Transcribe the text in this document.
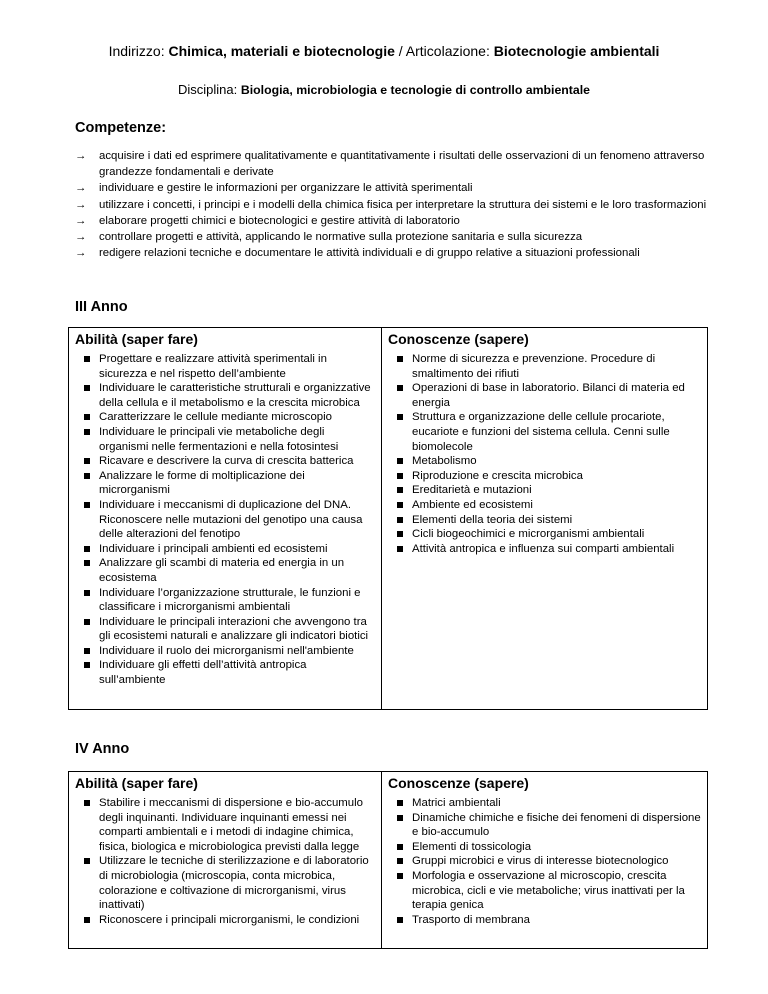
Indirizzo: Chimica, materiali e biotecnologie / Articolazione: Biotecnologie ambientali
Disciplina: Biologia, microbiologia e tecnologie di controllo ambientale
Competenze:
→ acquisire i dati ed esprimere qualitativamente e quantitativamente i risultati delle osservazioni di un fenomeno attraverso grandezze fondamentali e derivate
→ individuare e gestire le informazioni per organizzare le attività sperimentali
→ utilizzare i concetti, i principi e i modelli della chimica fisica per interpretare la struttura dei sistemi e le loro trasformazioni
→ elaborare progetti chimici e biotecnologici e gestire attività di laboratorio
→ controllare progetti e attività, applicando le normative sulla protezione sanitaria e sulla sicurezza
→ redigere relazioni tecniche e documentare le attività individuali e di gruppo relative a situazioni professionali
III Anno
Abilità (saper fare)
Progettare e realizzare attività sperimentali in sicurezza e nel rispetto dell’ambiente
Individuare le caratteristiche strutturali e organizzative della cellula e il metabolismo e la crescita microbica
Caratterizzare le cellule mediante microscopio
Individuare le principali vie metaboliche degli organismi nelle fermentazioni e nella fotosintesi
Ricavare e descrivere la curva di crescita batterica
Analizzare le forme di moltiplicazione dei microrganismi
Individuare i meccanismi di duplicazione del DNA. Riconoscere nelle mutazioni del genotipo una causa delle alterazioni del fenotipo
Individuare i principali ambienti ed ecosistemi
Analizzare gli scambi di materia ed energia in un ecosistema
Individuare l’organizzazione strutturale, le funzioni e classificare i microrganismi ambientali
Individuare le principali interazioni che avvengono tra gli ecosistemi naturali e analizzare gli indicatori biotici
Individuare il ruolo dei microrganismi nell'ambiente
Individuare gli effetti dell’attività antropica sull’ambiente

Conoscenze (sapere)
Norme di sicurezza e prevenzione. Procedure di smaltimento dei rifiuti
Operazioni di base in laboratorio. Bilanci di materia ed energia
Struttura e organizzazione delle cellule procariote, eucariote e funzioni del sistema cellula. Cenni sulle biomolecole
Metabolismo
Riproduzione e crescita microbica
Ereditarietà e mutazioni
Ambiente ed ecosistemi
Elementi della teoria dei sistemi
Cicli biogeochimici e microrganismi ambientali
Attività antropica e influenza sui comparti ambientali
IV Anno
Abilità (saper fare)
Stabilire i meccanismi di dispersione e bio-accumulo degli inquinanti. Individuare inquinanti emessi nei comparti ambientali e i metodi di indagine chimica, fisica, biologica e microbiologica previsti dalla legge
Utilizzare le tecniche di sterilizzazione e di laboratorio di microbiologia (microscopia, conta microbica, colorazione e coltivazione di microrganismi, virus inattivati)
Riconoscere i principali microrganismi, le condizioni

Conoscenze (sapere)
Matrici ambientali
Dinamiche chimiche e fisiche dei fenomeni di dispersione e bio-accumulo
Elementi di tossicologia
Gruppi microbici e virus di interesse biotecnologico
Morfologia e osservazione al microscopio, crescita microbica, cicli e vie metaboliche; virus inattivati per la terapia genica
Trasporto di membrana
